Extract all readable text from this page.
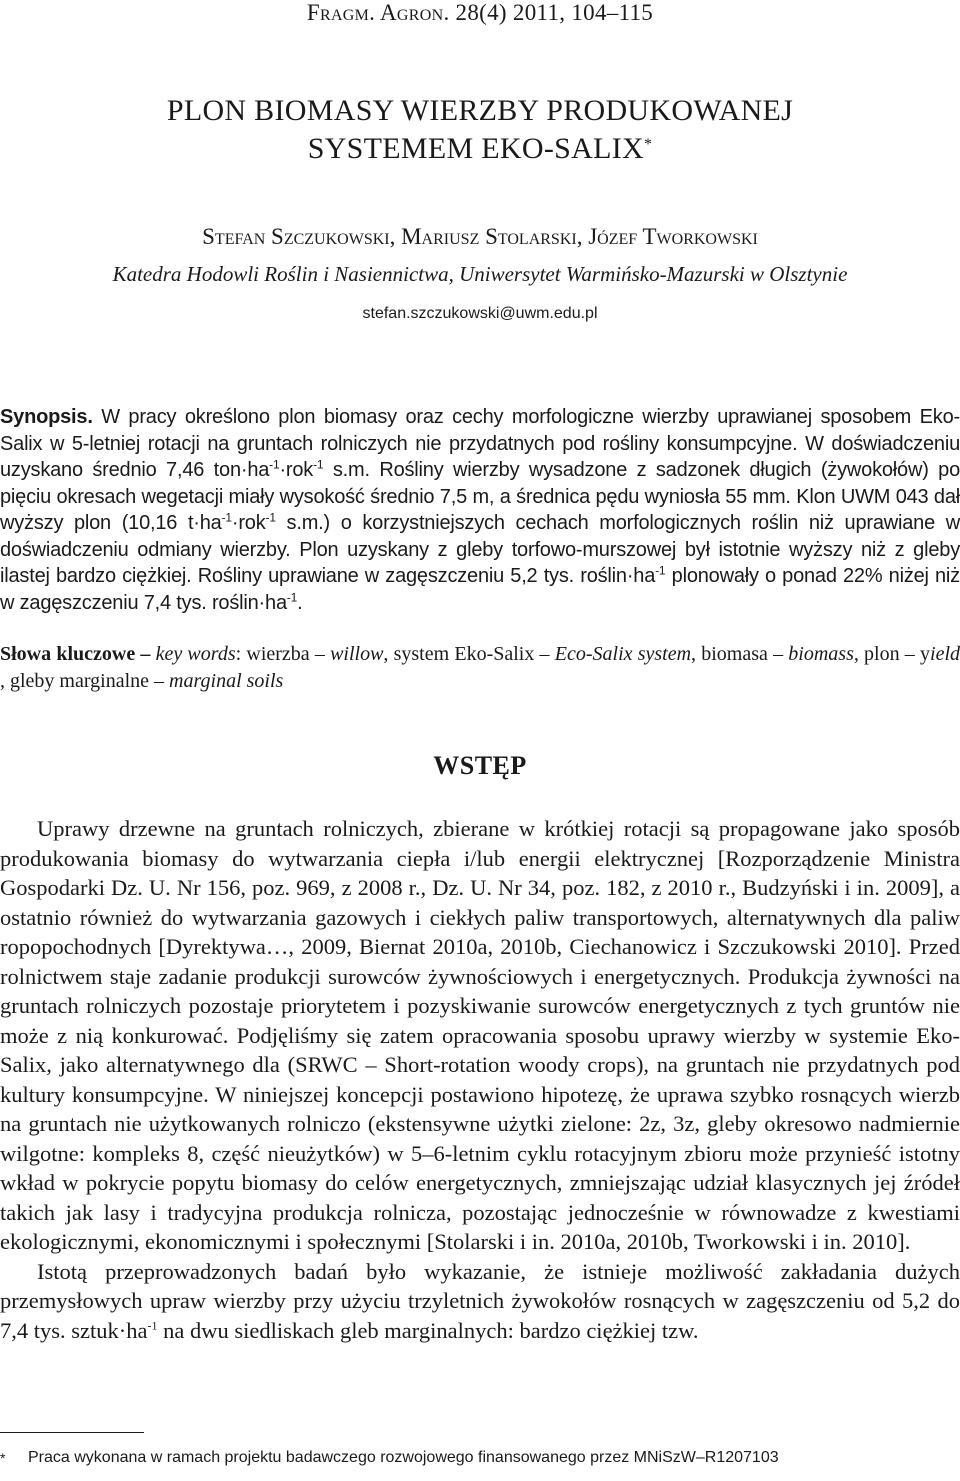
Fragm. Agron. 28(4) 2011, 104–115
PLON BIOMASY WIERZBY PRODUKOWANEJ
SYSTEMEM EKO-SALIX*
Stefan Szczukowski, Mariusz Stolarski, Józef Tworkowski
Katedra Hodowli Roślin i Nasiennictwa, Uniwersytet Warmińsko-Mazurski w Olsztynie
stefan.szczukowski@uwm.edu.pl
Synopsis. W pracy określono plon biomasy oraz cechy morfologiczne wierzby uprawianej sposobem Eko-Salix w 5-letniej rotacji na gruntach rolniczych nie przydatnych pod rośliny konsumpcyjne. W doświadczeniu uzyskano średnio 7,46 $ton\cdot ha^{-1}\cdot rok^{-1}$ s.m. Rośliny wierzby wysadzone z sadzonek długich (żywokołów) po pięciu okresach wegetacji miały wysokość średnio 7,5 m, a średnica pędu wyniosła 55 mm. Klon UWM 043 dał wyższy plon (10,16 $t\cdot ha^{-1}\cdot rok^{-1}$ s.m.) o korzystniejszych cechach morfologicznych roślin niż uprawiane w doświadczeniu odmiany wierzby. Plon uzyskany z gleby torfowo-murszowej był istotnie wyższy niż z gleby ilastej bardzo ciężkiej. Rośliny uprawiane w zagęszczeniu 5,2 tys. $roślin\cdot ha^{-1}$ plonowały o ponad 22% niżej niż w zagęszczeniu 7,4 tys. $roślin\cdot ha^{-1}$.
Słowa kluczowe – key words: wierzba – willow, system Eko-Salix – Eco-Salix system, biomasa – biomass, plon – yield , gleby marginalne – marginal soils
WSTĘP

Uprawy drzewne na gruntach rolniczych, zbierane w krótkiej rotacji są propagowane jako sposób produkowania biomasy do wytwarzania ciepła i/lub energii elektrycznej [Rozporządzenie Ministra Gospodarki Dz. U. Nr 156, poz. 969, z 2008 r., Dz. U. Nr 34, poz. 182, z 2010 r., Budzyński i in. 2009], a ostatnio również do wytwarzania gazowych i ciekłych paliw transportowych, alternatywnych dla paliw ropopochodnych [Dyrektywa…, 2009, Biernat 2010a, 2010b, Ciechanowicz i Szczukowski 2010]. Przed rolnictwem staje zadanie produkcji surowców żywnościowych i energetycznych. Produkcja żywności na gruntach rolniczych pozostaje priorytetem i pozyskiwanie surowców energetycznych z tych gruntów nie może z nią konkurować. Podjęliśmy się zatem opracowania sposobu uprawy wierzby w systemie Eko-Salix, jako alternatywnego dla (SRWC – Short-rotation woody crops), na gruntach nie przydatnych pod kultury konsumpcyjne. W niniejszej koncepcji postawiono hipotezę, że uprawa szybko rosnących wierzb na gruntach nie użytkowanych rolniczo (ekstensywne użytki zielone: 2z, 3z, gleby okresowo nadmiernie wilgotne: kompleks 8, część nieużytków) w 5–6-letnim cyklu rotacyjnym zbioru może przynieść istotny wkład w pokrycie popytu biomasy do celów energetycznych, zmniejszając udział klasycznych jej źródeł takich jak lasy i tradycyjna produkcja rolnicza, pozostając jednocześnie w równowadze z kwestiami ekologicznymi, ekonomicznymi i społecznymi [Stolarski i in. 2010a, 2010b, Tworkowski i in. 2010].

Istotą przeprowadzonych badań było wykazanie, że istnieje możliwość zakładania dużych przemysłowych upraw wierzby przy użyciu trzyletnich żywokołów rosnących w zagęszczeniu od 5,2 do 7,4 tys. $sztuk\cdot ha^{-1}$ na dwu siedliskach gleb marginalnych: bardzo ciężkiej tzw.

* Praca wykonana w ramach projektu badawczego rozwojowego finansowanego przez MNiSzW–R1207103
